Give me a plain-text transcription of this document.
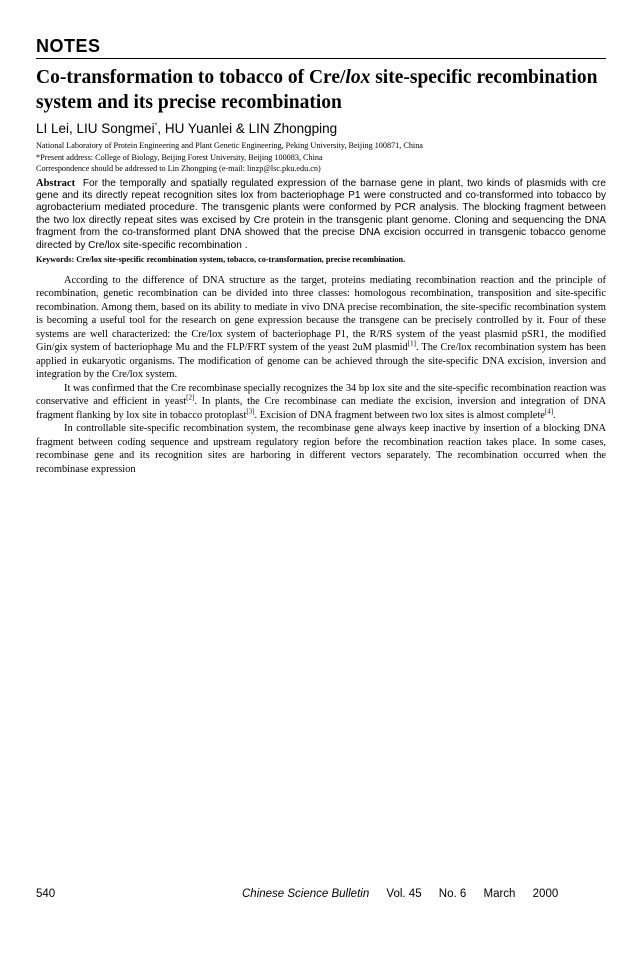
NOTES
Co-transformation to tobacco of Cre/lox site-specific recombination system and its precise recombination
LI Lei, LIU Songmei*, HU Yuanlei & LIN Zhongping
National Laboratory of Protein Engineering and Plant Genetic Engineering, Peking University, Beijing 100871, China
*Present address: College of Biology, Beijing Forest University, Beijing 100083, China
Correspondence should be addressed to Lin Zhongping (e-mail: linzp@lsc.pku.edu.cn)
Abstract For the temporally and spatially regulated expression of the barnase gene in plant, two kinds of plasmids with cre gene and its directly repeat recognition sites lox from bacteriophage P1 were constructed and co-transformed into tobacco by agrobacterium mediated procedure. The transgenic plants were conformed by PCR analysis. The blocking fragment between the two lox directly repeat sites was excised by Cre protein in the transgenic plant genome. Cloning and sequencing the DNA fragment from the co-transformed plant DNA showed that the precise DNA excision occurred in transgenic tobacco genome directed by Cre/lox site-specific recombination .
Keywords: Cre/lox site-specific recombination system, tobacco, co-transformation, precise recombination.

According to the difference of DNA structure as the target, proteins mediating recombination reaction and the principle of recombination, genetic recombination can be divided into three classes: homologous recombination, transposition and site-specific recombination. Among them, based on its ability to mediate in vivo DNA precise recombination, the site-specific recombination system is becoming a useful tool for the research on gene expression because the transgene can be precisely controlled by it. Four of these systems are well characterized: the Cre/lox system of bacteriophage P1, the R/RS system of the yeast plasmid pSR1, the modified Gin/gix system of bacteriophage Mu and the FLP/FRT system of the yeast 2uM plasmid[1]. The Cre/lox recombination system has been applied in eukaryotic organisms. The modification of genome can be achieved through the site-specific DNA excision, inversion and integration by the Cre/lox system.

It was confirmed that the Cre recombinase specially recognizes the 34 bp lox site and the site-specific recombination reaction was conservative and efficient in yeast[2]. In plants, the Cre recombinase can mediate the excision, inversion and integration of DNA fragment flanking by lox site in tobacco protoplast[3]. Excision of DNA fragment between two lox sites is almost complete[4].

In controllable site-specific recombination system, the recombinase gene always keep inactive by insertion of a blocking DNA fragment between coding sequence and upstream regulatory region before the recombination reaction takes place. In some cases, recombinase gene and its recognition sites are harboring in different vectors separately. The recombination occurred when the recombinase expression

540	Chinese Science Bulletin Vol. 45 No. 6 March 2000
